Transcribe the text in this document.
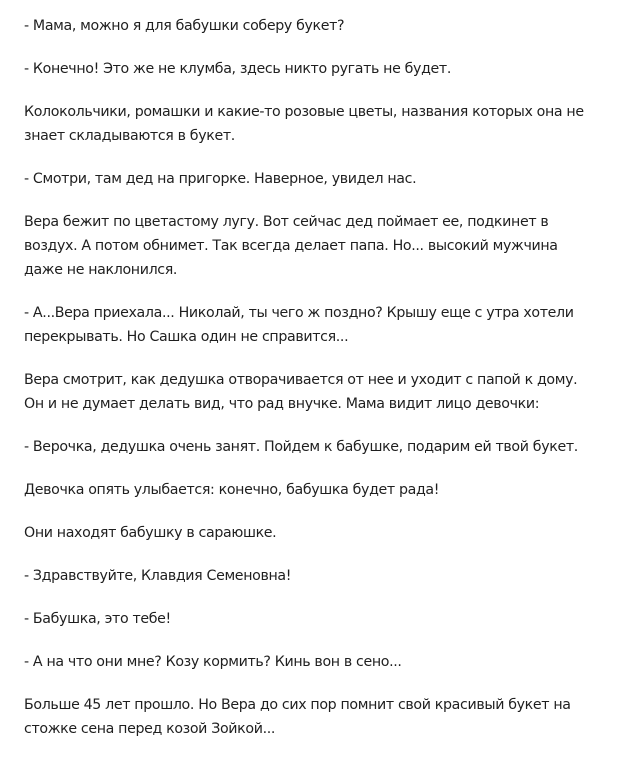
- Мама, можно я для бабушки соберу букет?

- Конечно! Это же не клумба, здесь никто ругать не будет.

Колокольчики, ромашки и какие-то розовые цветы, названия которых она не знает складываются в букет.

- Смотри, там дед на пригорке. Наверное, увидел нас.

Вера бежит по цветастому лугу. Вот сейчас дед поймает ее, подкинет в воздух. А потом обнимет. Так всегда делает папа. Но... высокий мужчина даже не наклонился.

- А...Вера приехала... Николай, ты чего ж поздно? Крышу еще с утра хотели перекрывать. Но Сашка один не справится...

Вера смотрит, как дедушка отворачивается от нее и уходит с папой к дому. Он и не думает делать вид, что рад внучке. Мама видит лицо девочки:

- Верочка, дедушка очень занят. Пойдем к бабушке, подарим ей твой букет.

Девочка опять улыбается: конечно, бабушка будет рада!

Они находят бабушку в сараюшке.

- Здравствуйте, Клавдия Семеновна!

- Бабушка, это тебе!

- А на что они мне? Козу кормить? Кинь вон в сено...

Больше 45 лет прошло. Но Вера до сих пор помнит свой красивый букет на стожке сена перед козой Зойкой...
